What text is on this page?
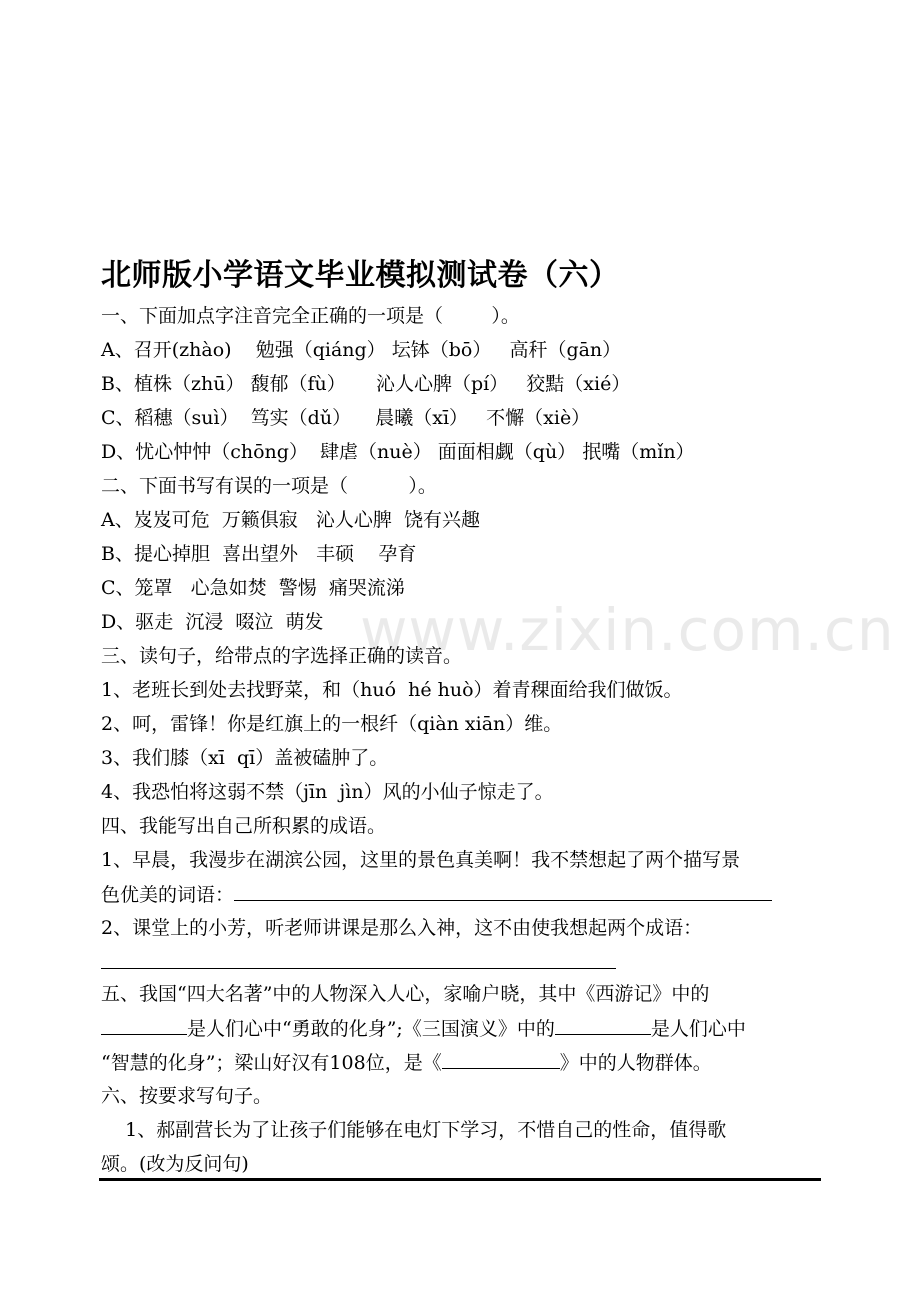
www.zixin.com.cn
北师版小学语文毕业模拟测试卷（六）
一、下面加点字注音完全正确的一项是（        ）。
A、召开(zhào)    勉强（qiáng） 坛钵（bō）   高秆（gān）
B、植株（zhū） 馥郁（fù）     沁人心脾（pí）   狡黠（xié）
C、稻穗（suì）  笃实（dǔ）    晨曦（xī）   不懈（xiè）
D、忧心忡忡（chōng）  肆虐（nuè） 面面相觑（qù） 抿嘴（mǐn）
二、下面书写有误的一项是（          ）。
A、岌岌可危  万籁俱寂   沁人心脾  饶有兴趣
B、提心掉胆  喜出望外   丰硕    孕育
C、笼罩   心急如焚  警惕  痛哭流涕
D、驱走  沉浸  啜泣  萌发
三、读句子，给带点的字选择正确的读音。
1、老班长到处去找野菜，和（huó  hé huò）着青稞面给我们做饭。
2、呵，雷锋！你是红旗上的一根纤（qiàn xiān）维。
3、我们膝（xī  qī）盖被磕肿了。
4、我恐怕将这弱不禁（jīn  jìn）风的小仙子惊走了。
四、我能写出自己所积累的成语。
1、早晨，我漫步在湖滨公园，这里的景色真美啊！我不禁想起了两个描写景
色优美的词语：
2、课堂上的小芳，听老师讲课是那么入神，这不由使我想起两个成语：
五、我国“四大名著”中的人物深入人心，家喻户晓，其中《西游记》中的
是人们心中“勇敢的化身”;《三国演义》中的	是人们心中
“智慧的化身”；梁山好汉有108位，是《	》中的人物群体。
六、按要求写句子。
1、郝副营长为了让孩子们能够在电灯下学习，不惜自己的性命，值得歌
颂。(改为反问句)
